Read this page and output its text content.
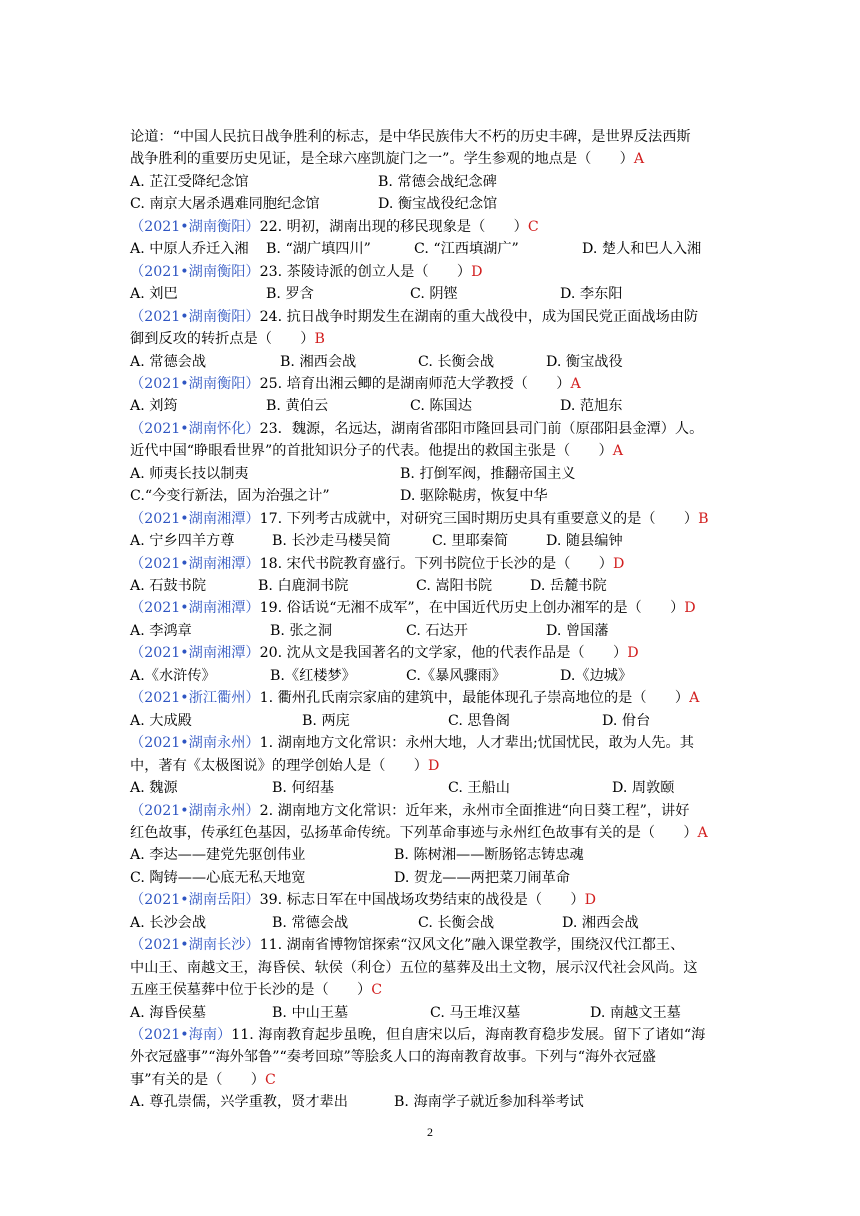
论道：“中国人民抗日战争胜利的标志，是中华民族伟大不朽的历史丰碑，是世界反法西斯
战争胜利的重要历史见证，是全球六座凯旋门之一”。学生参观的地点是（　　）A
A. 芷江受降纪念馆	B. 常德会战纪念碑
C. 南京大屠杀遇难同胞纪念馆	D. 衡宝战役纪念馆
（2021•湖南衡阳）22. 明初，湖南出现的移民现象是（　　）C
A. 中原人乔迁入湘 B. “湖广填四川”	C. “江西填湖广”	D. 楚人和巴人入湘
（2021•湖南衡阳）23. 茶陵诗派的创立人是（　　）D
A. 刘巴	B. 罗含	C. 阴铿	D. 李东阳
（2021•湖南衡阳）24. 抗日战争时期发生在湖南的重大战役中，成为国民党正面战场由防
御到反攻的转折点是（　　）B
A. 常德会战	B. 湘西会战	C. 长衡会战	D. 衡宝战役
（2021•湖南衡阳）25. 培育出湘云鲫的是湖南师范大学教授（　　）A
A. 刘筠	B. 黄伯云	C. 陈国达	D. 范旭东
（2021•湖南怀化）23．魏源，名远达，湖南省邵阳市隆回县司门前（原邵阳县金潭）人。
近代中国“睁眼看世界”的首批知识分子的代表。他提出的救国主张是（　　）A
A. 师夷长技以制夷	B. 打倒军阀，推翻帝国主义
C.“今变行新法，固为治强之计”	D. 驱除鞑虏，恢复中华
（2021•湖南湘潭）17. 下列考古成就中，对研究三国时期历史具有重要意义的是（　　）B
A. 宁乡四羊方尊	B. 长沙走马楼吴简	C. 里耶秦简	D. 随县编钟
（2021•湖南湘潭）18. 宋代书院教育盛行。下列书院位于长沙的是（　　）D
A. 石鼓书院	B. 白鹿洞书院	C. 嵩阳书院	D. 岳麓书院
（2021•湖南湘潭）19. 俗话说“无湘不成军”，在中国近代历史上创办湘军的是（　　）D
A. 李鸿章	B. 张之洞	C. 石达开	D. 曾国藩
（2021•湖南湘潭）20. 沈从文是我国著名的文学家，他的代表作品是（　　）D
A.《水浒传》	B.《红楼梦》	C.《暴风骤雨》	D.《边城》
（2021•浙江衢州）1. 衢州孔氏南宗家庙的建筑中，最能体现孔子崇高地位的是（　　）A
A. 大成殿	B. 两庑	C. 思鲁阁	D. 佾台
（2021•湖南永州）1. 湖南地方文化常识：永州大地，人才辈出;忧国忧民，敢为人先。其
中，著有《太极图说》的理学创始人是（　　）D
A. 魏源	B. 何绍基	C. 王船山	D. 周敦颐
（2021•湖南永州）2. 湖南地方文化常识：近年来，永州市全面推进“向日葵工程”，讲好
红色故事，传承红色基因，弘扬革命传统。下列革命事迹与永州红色故事有关的是（　　）A
A. 李达——建党先驱创伟业	B. 陈树湘——断肠铭志铸忠魂
C. 陶铸——心底无私天地宽	D. 贺龙——两把菜刀闹革命
（2021•湖南岳阳）39. 标志日军在中国战场攻势结束的战役是（　　）D
A. 长沙会战	B. 常德会战	C. 长衡会战	D. 湘西会战
（2021•湖南长沙）11. 湖南省博物馆探索“汉风文化”融入课堂教学，围绕汉代江都王、
中山王、南越文王，海昏侯、轪侯（利仓）五位的墓葬及出土文物，展示汉代社会风尚。这
五座王侯墓葬中位于长沙的是（　　）C
A. 海昏侯墓	B. 中山王墓	C. 马王堆汉墓	D. 南越文王墓
（2021•海南）11. 海南教育起步虽晚，但自唐宋以后，海南教育稳步发展。留下了诸如“海
外衣冠盛事”“海外邹鲁”“奏考回琼”等脍炙人口的海南教育故事。下列与“海外衣冠盛
事”有关的是（　　）C
A. 尊孔崇儒，兴学重教，贤才辈出	B. 海南学子就近参加科举考试
2
